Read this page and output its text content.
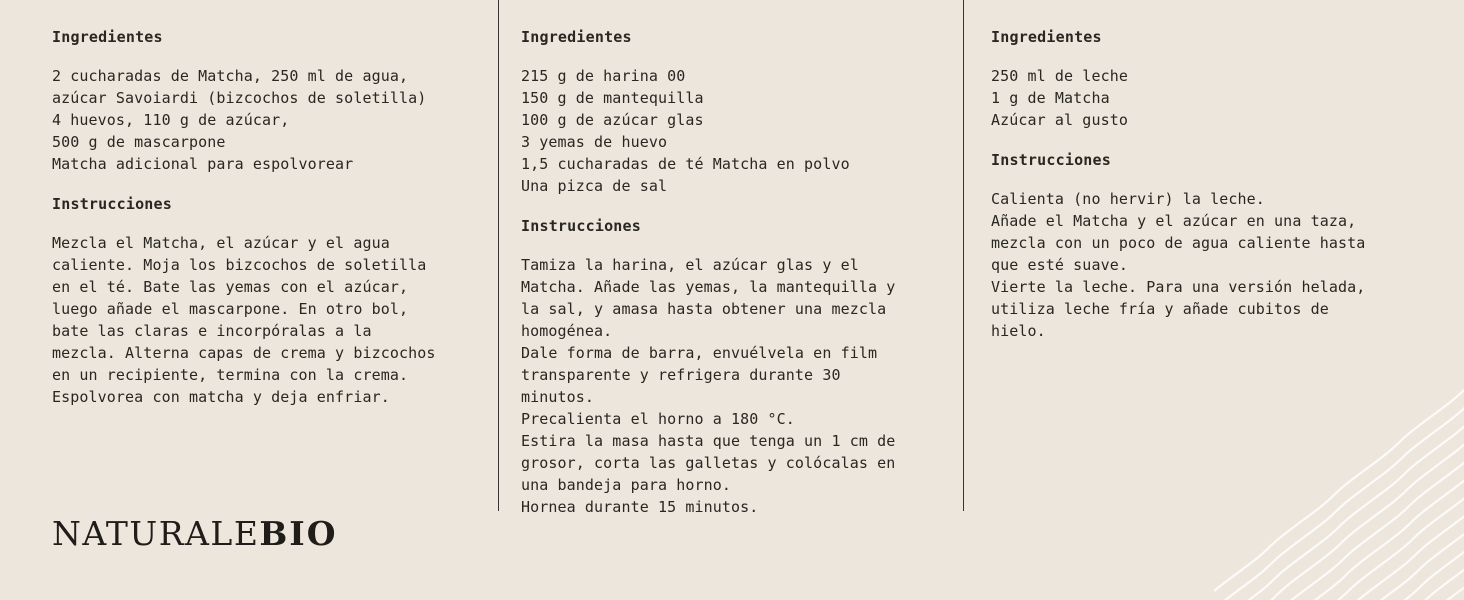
Ingredientes

2 cucharadas de Matcha, 250 ml de agua,
azúcar Savoiardi (bizcochos de soletilla)
4 huevos, 110 g de azúcar,
500 g de mascarpone
Matcha adicional para espolvorear

Instrucciones

Mezcla el Matcha, el azúcar y el agua
caliente. Moja los bizcochos de soletilla
en el té. Bate las yemas con el azúcar,
luego añade el mascarpone. En otro bol,
bate las claras e incorpóralas a la
mezcla. Alterna capas de crema y bizcochos
en un recipiente, termina con la crema.
Espolvorea con matcha y deja enfriar.

Ingredientes

215 g de harina 00
150 g de mantequilla
100 g de azúcar glas
3 yemas de huevo
1,5 cucharadas de té Matcha en polvo
Una pizca de sal

Instrucciones

Tamiza la harina, el azúcar glas y el
Matcha. Añade las yemas, la mantequilla y
la sal, y amasa hasta obtener una mezcla
homogénea.
Dale forma de barra, envuélvela en film
transparente y refrigera durante 30
minutos.
Precalienta el horno a 180 °C.
Estira la masa hasta que tenga un 1 cm de
grosor, corta las galletas y colócalas en
una bandeja para horno.
Hornea durante 15 minutos.

Ingredientes

250 ml de leche
1 g de Matcha
Azúcar al gusto

Instrucciones

Calienta (no hervir) la leche.
Añade el Matcha y el azúcar en una taza,
mezcla con un poco de agua caliente hasta
que esté suave.
Vierte la leche. Para una versión helada,
utiliza leche fría y añade cubitos de
hielo.

NATURALEBIO
